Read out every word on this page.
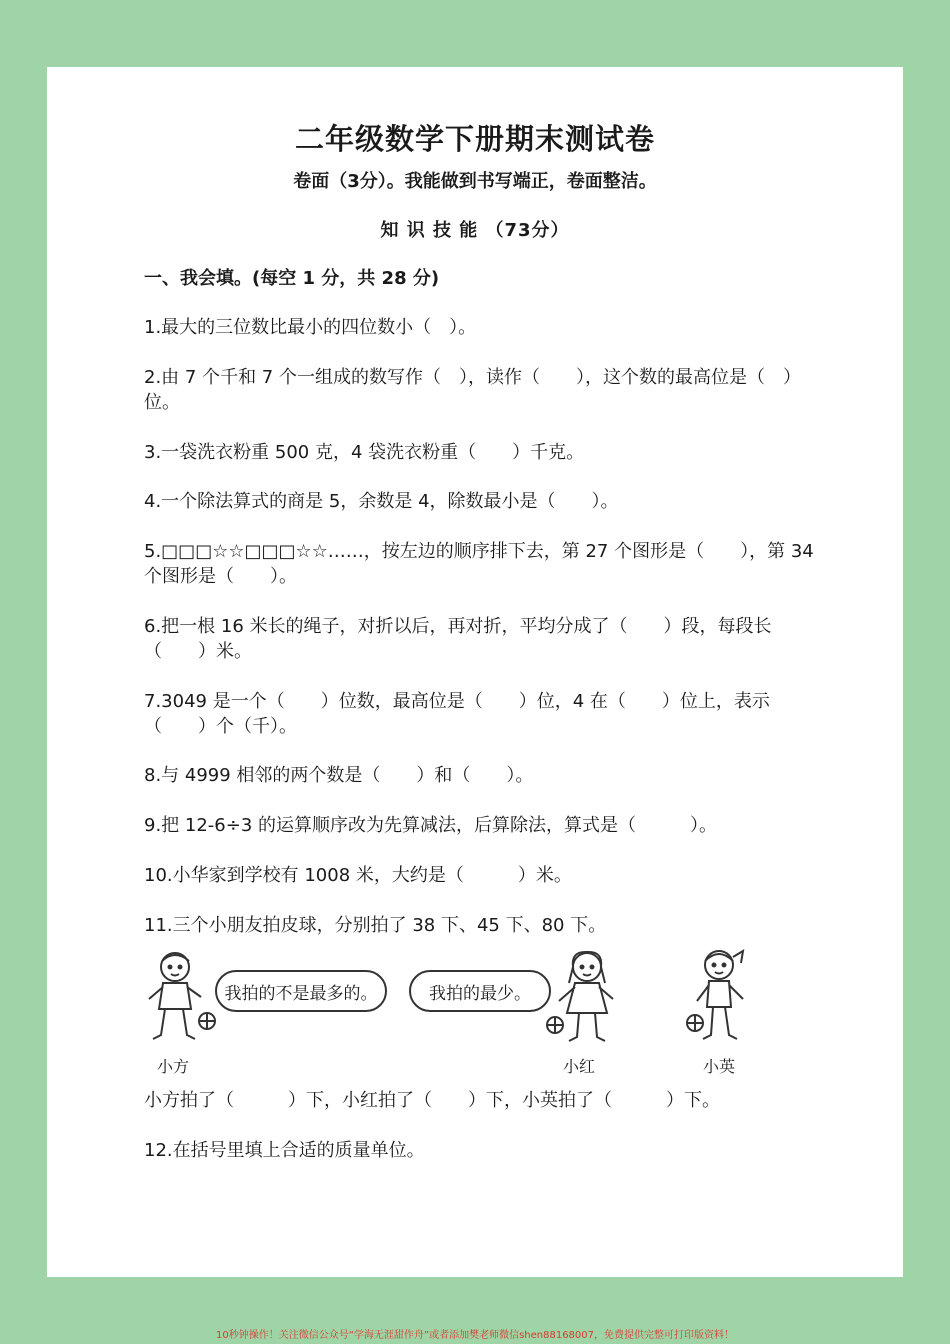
二年级数学下册期末测试卷
卷面（3分）。我能做到书写端正，卷面整洁。
知 识 技 能 （73分）
一、我会填。(每空 1 分，共 28 分)
1.最大的三位数比最小的四位数小（　）。
2.由 7 个千和 7 个一组成的数写作（　），读作（　　），这个数的最高位是（　）位。
3.一袋洗衣粉重 500 克，4 袋洗衣粉重（　　）千克。
4.一个除法算式的商是 5，余数是 4，除数最小是（　　）。
5.□□□☆☆□□□☆☆……，按左边的顺序排下去，第 27 个图形是（　　），第 34 个图形是（　　）。
6.把一根 16 米长的绳子，对折以后，再对折，平均分成了（　　）段，每段长（　　）米。
7.3049 是一个（　　）位数，最高位是（　　）位，4 在（　　）位上，表示（　　）个（千）。
8.与 4999 相邻的两个数是（　　）和（　　）。
9.把 12-6÷3 的运算顺序改为先算减法，后算除法，算式是（　　　）。
10.小华家到学校有 1008 米，大约是（　　　）米。
11.三个小朋友拍皮球，分别拍了 38 下、45 下、80 下。
我拍的不是最多的。	我拍的最少。
小方	小红	小英
小方拍了（　　　）下，小红拍了（　　）下，小英拍了（　　　）下。
12.在括号里填上合适的质量单位。
10秒钟操作！关注微信公众号“学海无涯甜作舟”或者添加樊老师微信shen88168007，免费提供完整可打印版资料！
